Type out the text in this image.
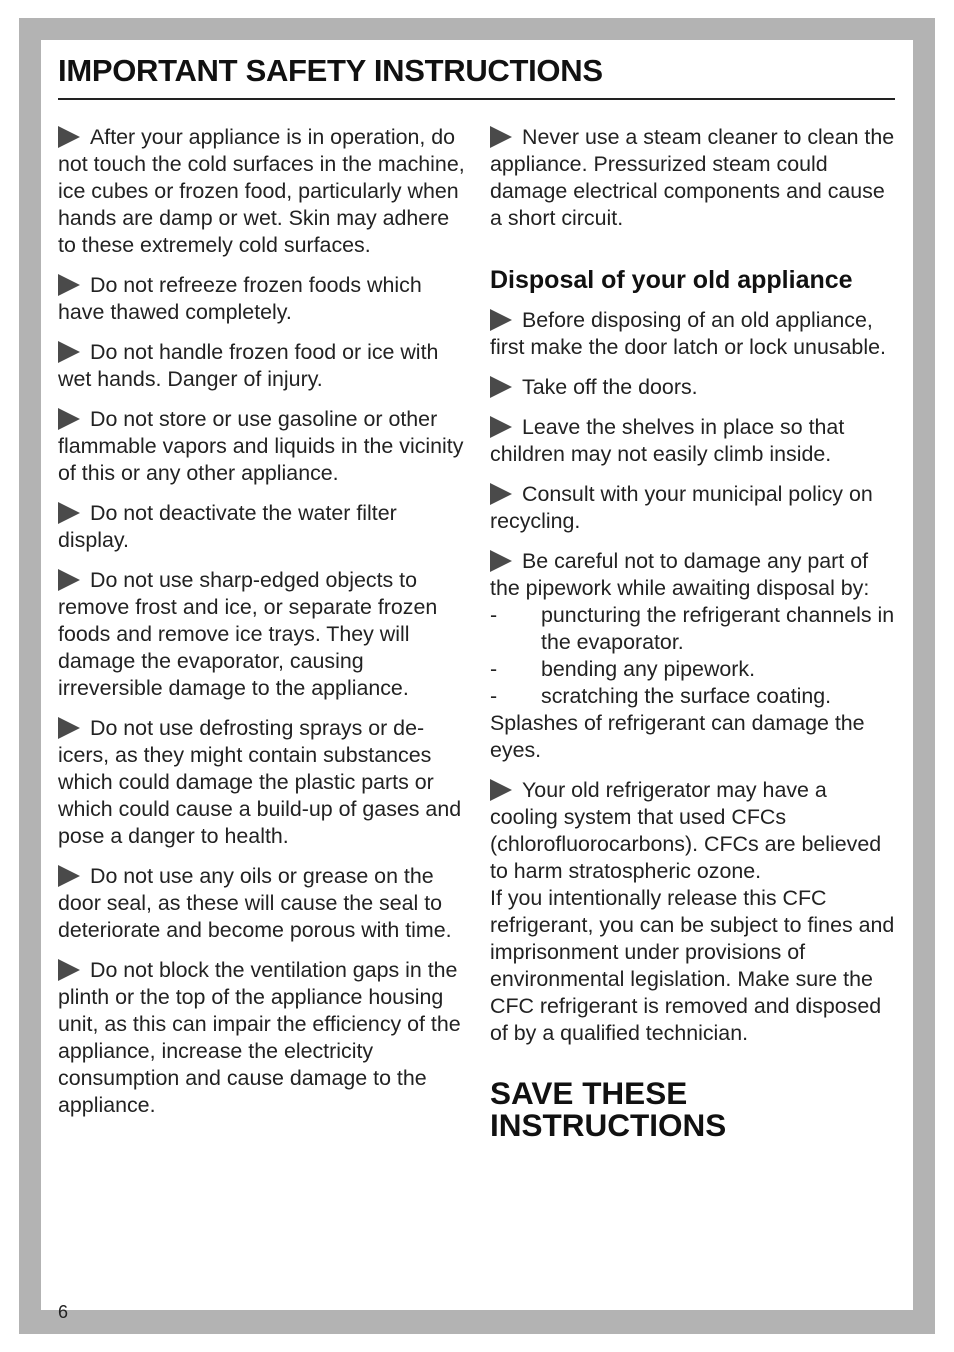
IMPORTANT SAFETY INSTRUCTIONS

After your appliance is in operation, do not touch the cold surfaces in the machine, ice cubes or frozen food, particularly when hands are damp or wet. Skin may adhere to these extremely cold surfaces.

Do not refreeze frozen foods which have thawed completely.

Do not handle frozen food or ice with wet hands. Danger of injury.

Do not store or use gasoline or other flammable vapors and liquids in the vicinity of this or any other appliance.

Do not deactivate the water filter display.

Do not use sharp-edged objects to remove frost and ice, or separate frozen foods and remove ice trays. They will damage the evaporator, causing irreversible damage to the appliance.

Do not use defrosting sprays or de-icers, as they might contain substances which could damage the plastic parts or which could cause a build-up of gases and pose a danger to health.

Do not use any oils or grease on the door seal, as these will cause the seal to deteriorate and become porous with time.

Do not block the ventilation gaps in the plinth or the top of the appliance housing unit, as this can impair the efficiency of the appliance, increase the electricity consumption and cause damage to the appliance.

Never use a steam cleaner to clean the appliance. Pressurized steam could damage electrical components and cause a short circuit.

Disposal of your old appliance

Before disposing of an old appliance, first make the door latch or lock unusable.

Take off the doors.

Leave the shelves in place so that children may not easily climb inside.

Consult with your municipal policy on recycling.

Be careful not to damage any part of the pipework while awaiting disposal by:
-	puncturing the refrigerant channels in the evaporator.
-	bending any pipework.
-	scratching the surface coating.
Splashes of refrigerant can damage the eyes.
Your old refrigerator may have a cooling system that used CFCs (chlorofluorocarbons). CFCs are believed to harm stratospheric ozone.
If you intentionally release this CFC refrigerant, you can be subject to fines and imprisonment under provisions of environmental legislation. Make sure the CFC refrigerant is removed and disposed of by a qualified technician.
SAVE THESE
INSTRUCTIONS
6
